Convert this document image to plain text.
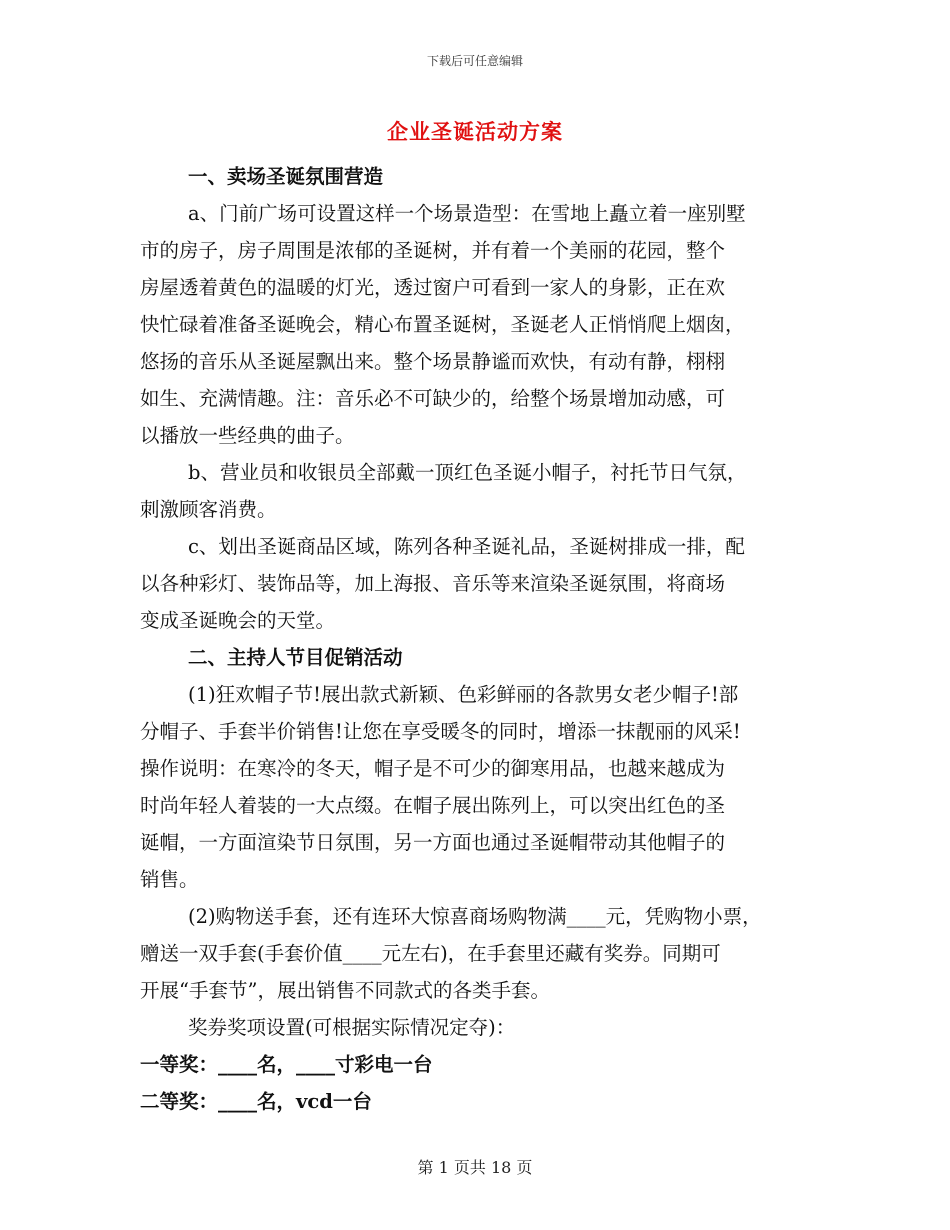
下载后可任意编辑
企业圣诞活动方案
一、卖场圣诞氛围营造
a、门前广场可设置这样一个场景造型：在雪地上矗立着一座别墅
市的房子，房子周围是浓郁的圣诞树，并有着一个美丽的花园，整个
房屋透着黄色的温暖的灯光，透过窗户可看到一家人的身影，正在欢
快忙碌着准备圣诞晚会，精心布置圣诞树，圣诞老人正悄悄爬上烟囱，
悠扬的音乐从圣诞屋飘出来。整个场景静谧而欢快，有动有静，栩栩
如生、充满情趣。注：音乐必不可缺少的，给整个场景增加动感，可
以播放一些经典的曲子。
b、营业员和收银员全部戴一顶红色圣诞小帽子，衬托节日气氛，
刺激顾客消费。
c、划出圣诞商品区域，陈列各种圣诞礼品，圣诞树排成一排，配
以各种彩灯、装饰品等，加上海报、音乐等来渲染圣诞氛围，将商场
变成圣诞晚会的天堂。
二、主持人节目促销活动
(1)狂欢帽子节!展出款式新颖、色彩鲜丽的各款男女老少帽子!部
分帽子、手套半价销售!让您在享受暖冬的同时，增添一抹靓丽的风采!
操作说明：在寒冷的冬天，帽子是不可少的御寒用品，也越来越成为
时尚年轻人着装的一大点缀。在帽子展出陈列上，可以突出红色的圣
诞帽，一方面渲染节日氛围，另一方面也通过圣诞帽带动其他帽子的
销售。
(2)购物送手套，还有连环大惊喜商场购物满____元，凭购物小票，
赠送一双手套(手套价值____元左右)，在手套里还藏有奖券。同期可
开展“手套节”，展出销售不同款式的各类手套。
奖券奖项设置(可根据实际情况定夺)：
一等奖：____名，____寸彩电一台
二等奖：____名，vcd一台
第 1 页共 18 页
